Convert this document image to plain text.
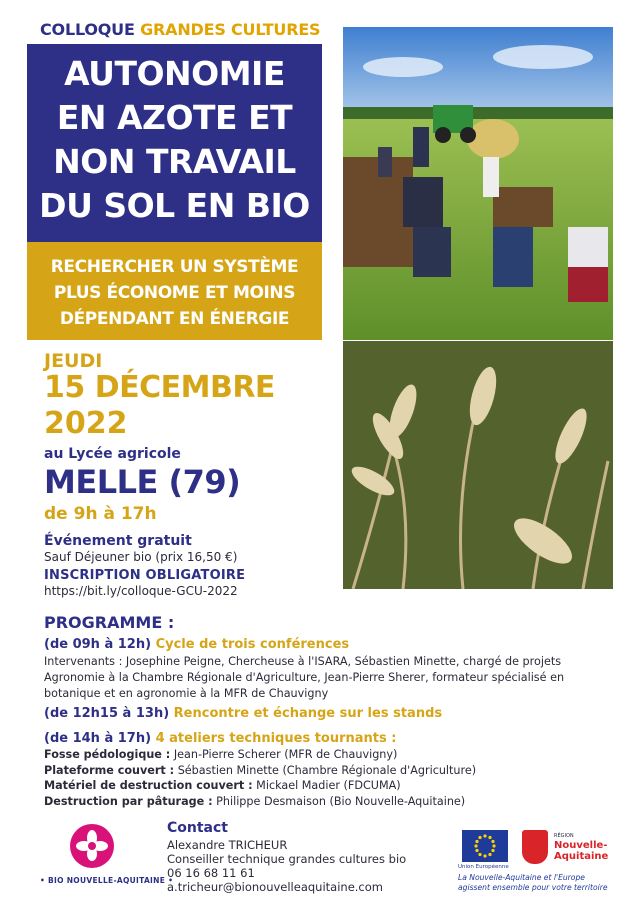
COLLOQUE GRANDES CULTURES
AUTONOMIE
EN AZOTE ET
NON TRAVAIL
DU SOL EN BIO
RECHERCHER UN SYSTÈME
PLUS ÉCONOME ET MOINS
DÉPENDANT EN ÉNERGIE
JEUDI
15 DÉCEMBRE
2022
au Lycée agricole
MELLE (79)
de 9h à 17h
Événement gratuit
Sauf Déjeuner bio (prix 16,50 €)
INSCRIPTION OBLIGATOIRE
https://bit.ly/colloque-GCU-2022
PROGRAMME :
(de 09h à 12h) Cycle de trois conférences
Intervenants : Josephine Peigne, Chercheuse à l'ISARA, Sébastien Minette, chargé de projets Agronomie à la Chambre Régionale d'Agriculture, Jean-Pierre Sherer, formateur spécialisé en botanique et en agronomie à la MFR de Chauvigny
(de 12h15 à 13h) Rencontre et échange sur les stands
(de 14h à 17h) 4 ateliers techniques tournants :
Fosse pédologique : Jean-Pierre Scherer (MFR de Chauvigny)
Plateforme couvert : Sébastien Minette (Chambre Régionale d'Agriculture)
Matériel de destruction couvert : Mickael Madier (FDCUMA)
Destruction par pâturage : Philippe Desmaison (Bio Nouvelle-Aquitaine)
• BIO NOUVELLE-AQUITAINE •
Contact
Alexandre TRICHEUR
Conseiller technique grandes cultures bio
06 16 68 11 61
a.tricheur@bionouvelleaquitaine.com
Union Européenne
RÉGION
Nouvelle-
Aquitaine
La Nouvelle-Aquitaine et l'Europe
agissent ensemble pour votre territoire
